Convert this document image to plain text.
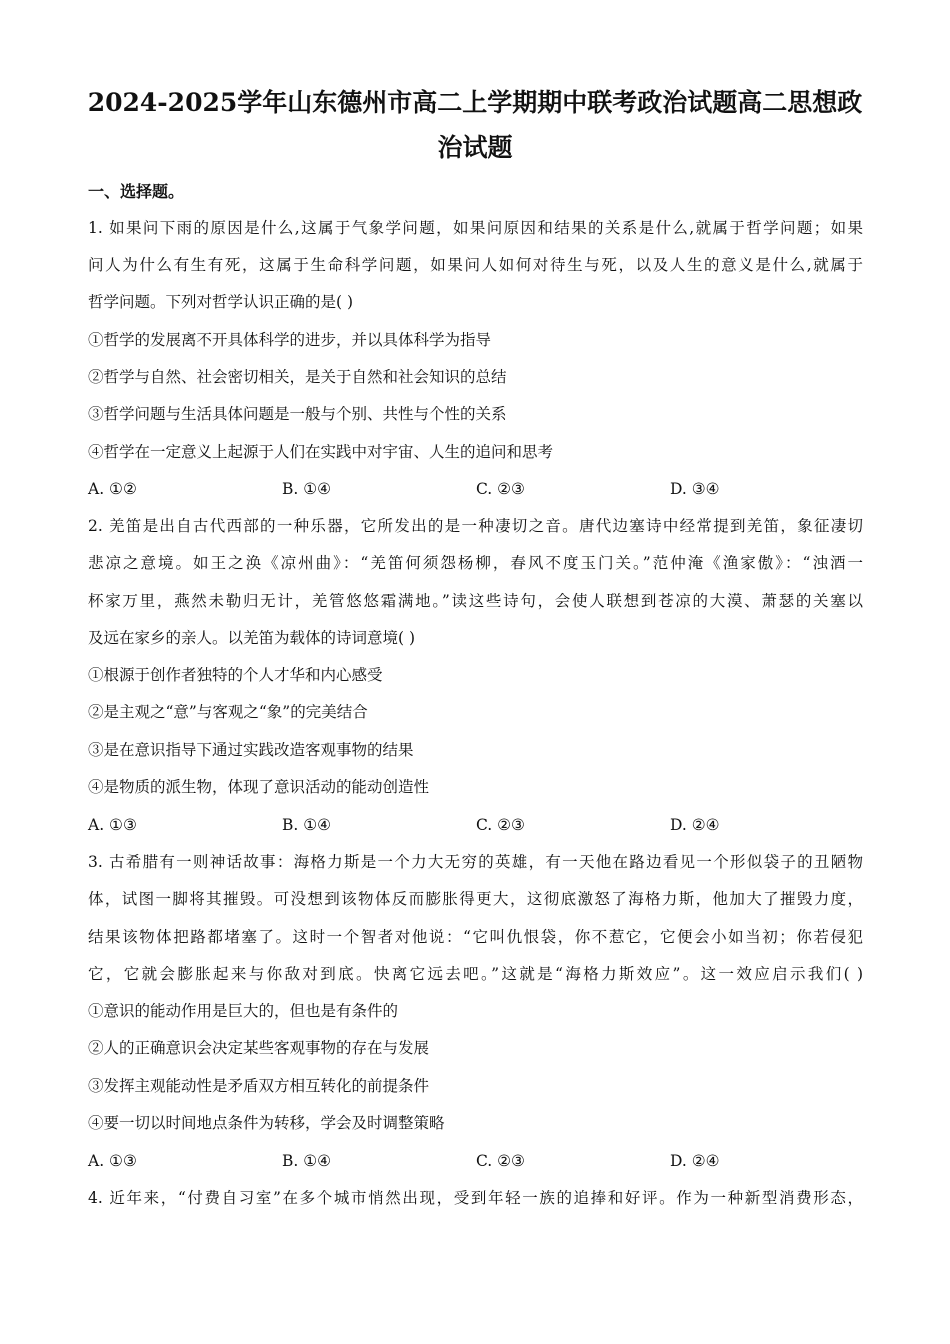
2024-2025学年山东德州市高二上学期期中联考政治试题高二思想政
治试题
一、选择题。
1. 如果问下雨的原因是什么,这属于气象学问题，如果问原因和结果的关系是什么,就属于哲学问题；如果
问人为什么有生有死，这属于生命科学问题，如果问人如何对待生与死，以及人生的意义是什么,就属于
哲学问题。下列对哲学认识正确的是( )
①哲学的发展离不开具体科学的进步，并以具体科学为指导
②哲学与自然、社会密切相关，是关于自然和社会知识的总结
③哲学问题与生活具体问题是一般与个别、共性与个性的关系
④哲学在一定意义上起源于人们在实践中对宇宙、人生的追问和思考
A. ①②	B. ①④	C. ②③	D. ③④
2. 羌笛是出自古代西部的一种乐器，它所发出的是一种凄切之音。唐代边塞诗中经常提到羌笛，象征凄切
悲凉之意境。如王之涣《凉州曲》：“羌笛何须怨杨柳，春风不度玉门关。”范仲淹《渔家傲》：“浊酒一
杯家万里，燕然未勒归无计，羌管悠悠霜满地。”读这些诗句，会使人联想到苍凉的大漠、萧瑟的关塞以
及远在家乡的亲人。以羌笛为载体的诗词意境( )
①根源于创作者独特的个人才华和内心感受
②是主观之“意”与客观之“象”的完美结合
③是在意识指导下通过实践改造客观事物的结果
④是物质的派生物，体现了意识活动的能动创造性
A. ①③	B. ①④	C. ②③	D. ②④
3. 古希腊有一则神话故事：海格力斯是一个力大无穷的英雄，有一天他在路边看见一个形似袋子的丑陋物
体，试图一脚将其摧毁。可没想到该物体反而膨胀得更大，这彻底激怒了海格力斯，他加大了摧毁力度，
结果该物体把路都堵塞了。这时一个智者对他说：“它叫仇恨袋，你不惹它，它便会小如当初；你若侵犯
它，它就会膨胀起来与你敌对到底。快离它远去吧。”这就是“海格力斯效应”。这一效应启示我们( )
①意识的能动作用是巨大的，但也是有条件的
②人的正确意识会决定某些客观事物的存在与发展
③发挥主观能动性是矛盾双方相互转化的前提条件
④要一切以时间地点条件为转移，学会及时调整策略
A. ①③	B. ①④	C. ②③	D. ②④
4. 近年来，“付费自习室”在多个城市悄然出现，受到年轻一族的追捧和好评。作为一种新型消费形态，
